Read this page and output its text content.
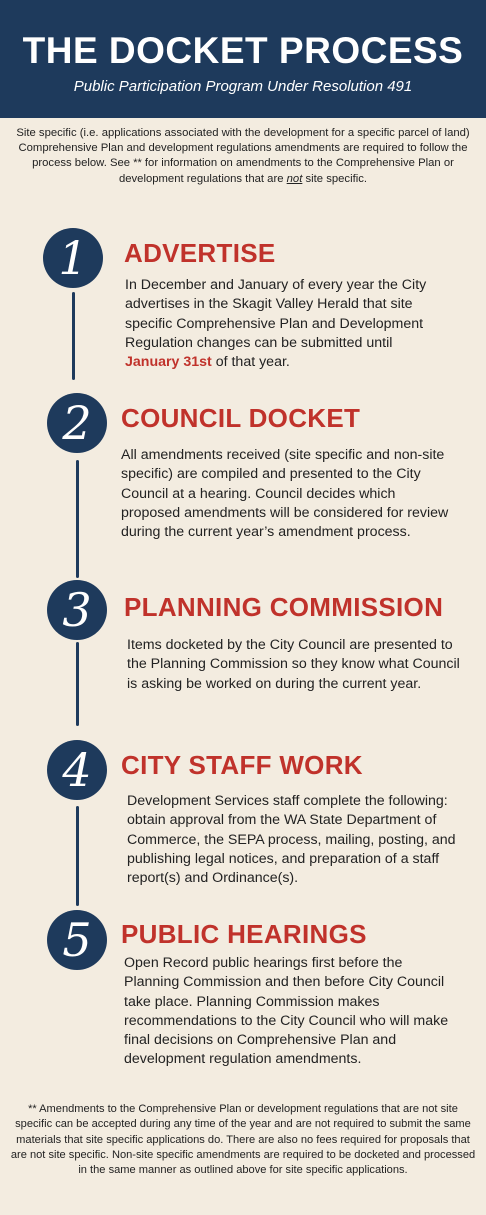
THE DOCKET PROCESS
Public Participation Program Under Resolution 491
Site specific (i.e. applications associated with the development for a specific parcel of land) Comprehensive Plan and development regulations amendments are required to follow the process below. See ** for information on amendments to the Comprehensive Plan or development regulations that are not site specific.
1	ADVERTISE
In December and January of every year the City advertises in the Skagit Valley Herald that site specific Comprehensive Plan and Development Regulation changes can be submitted until January 31st of that year.
2	COUNCIL DOCKET
All amendments received (site specific and non-site specific) are compiled and presented to the City Council at a hearing. Council decides which proposed amendments will be considered for review during the current year’s amendment process.
3	PLANNING COMMISSION
Items docketed by the City Council are presented to the Planning Commission so they know what Council is asking be worked on during the current year.
4	CITY STAFF WORK
Development Services staff complete the following: obtain approval from the WA State Department of Commerce, the SEPA process, mailing, posting, and publishing legal notices, and preparation of a staff report(s) and Ordinance(s).
5	PUBLIC HEARINGS
Open Record public hearings first before the Planning Commission and then before City Council take place. Planning Commission makes recommendations to the City Council who will make final decisions on Comprehensive Plan and development regulation amendments.
** Amendments to the Comprehensive Plan or development regulations that are not site specific can be accepted during any time of the year and are not required to submit the same materials that site specific applications do. There are also no fees required for proposals that are not site specific. Non-site specific amendments are required to be docketed and processed in the same manner as outlined above for site specific applications.
